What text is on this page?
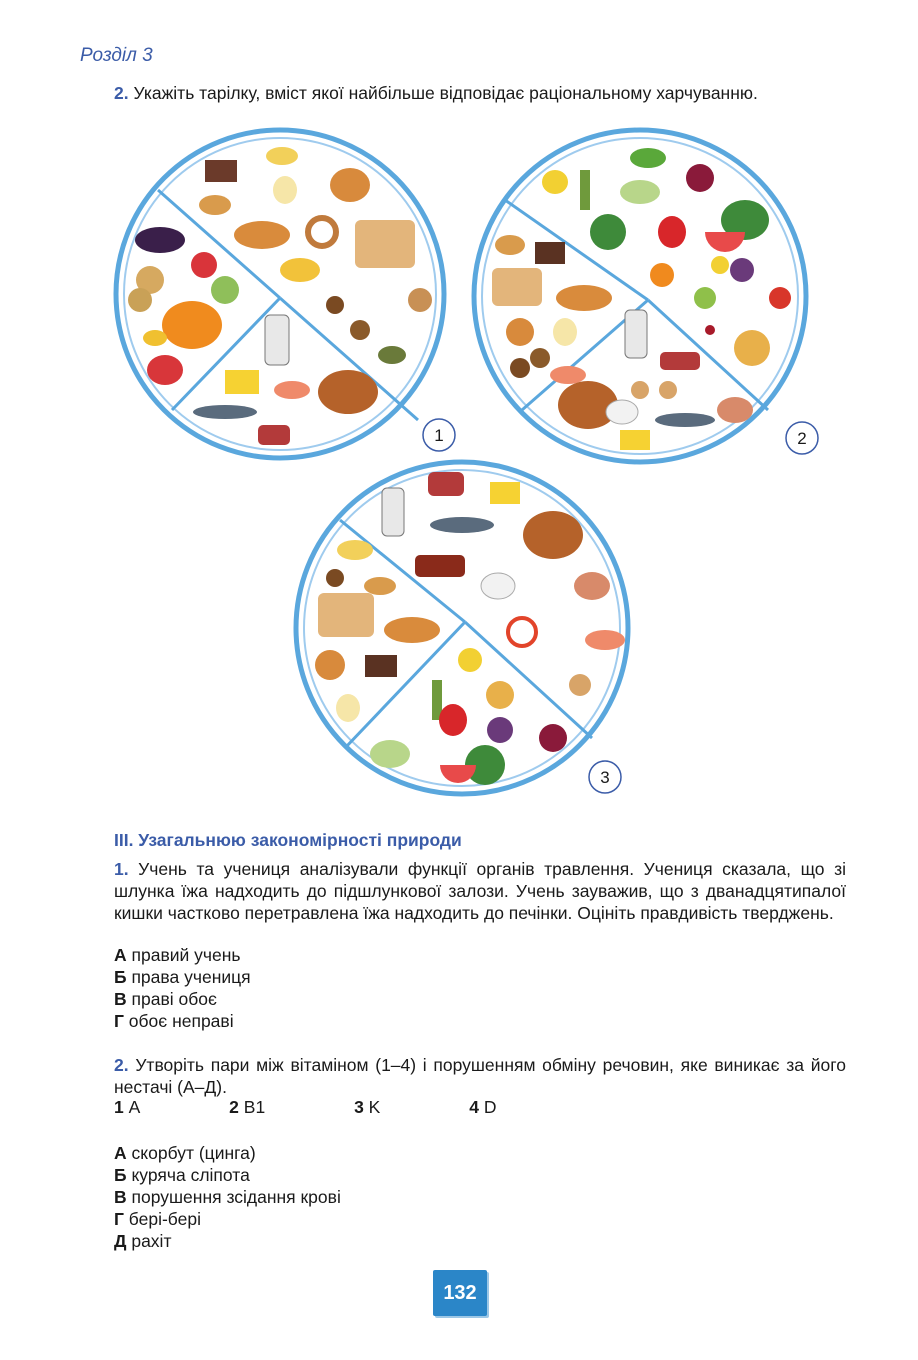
Розділ 3
2. Укажіть тарілку, вміст якої найбільше відповідає раціональному харчуванню.
1	2
3
ІІІ. Узагальнюю закономірності природи
1. Учень та учениця аналізували функції органів травлення. Учениця сказала, що зі шлунка їжа надходить до підшлункової залози. Учень зауважив, що з дванадцятипалої кишки частково перетравлена їжа надходить до печінки. Оцініть правдивість тверджень.
А правий учень
Б права учениця
В праві обоє
Г обоє неправі
2. Утворіть пари між вітаміном (1–4) і порушенням обміну речовин, яке виникає за його нестачі (А–Д).
1 A	2 B1	3 K	4 D
А скорбут (цинга)
Б куряча сліпота
В порушення зсідання крові
Г бері-бері
Д рахіт
132
